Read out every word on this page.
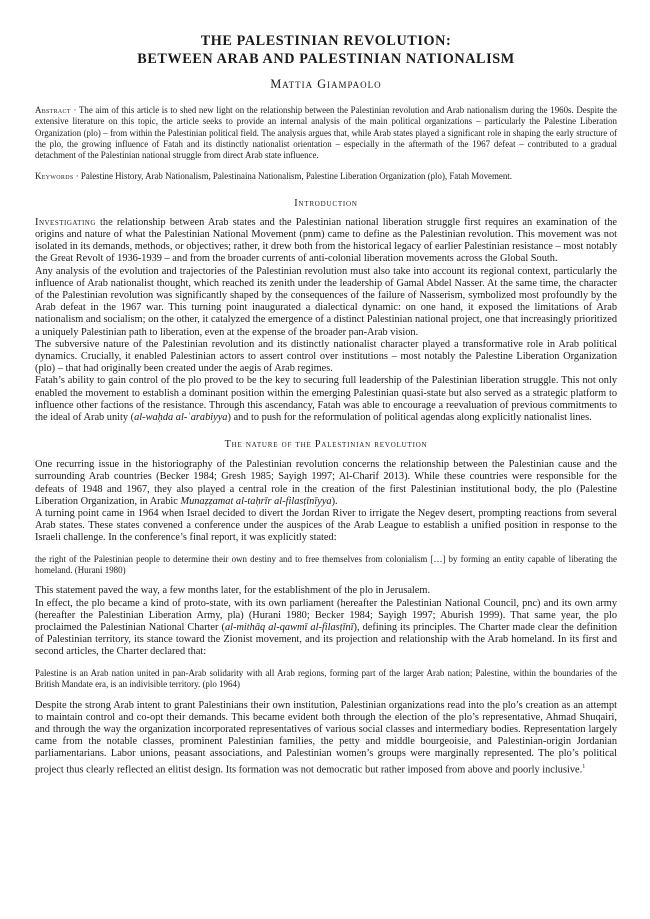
THE PALESTINIAN REVOLUTION:
BETWEEN ARAB AND PALESTINIAN NATIONALISM
Mattia Giampaolo

Abstract · The aim of this article is to shed new light on the relationship between the Palestinian revolution and Arab nationalism during the 1960s. Despite the extensive literature on this topic, the article seeks to provide an internal analysis of the main political organizations – particularly the Palestine Liberation Organization (plo) – from within the Palestinian political field. The analysis argues that, while Arab states played a significant role in shaping the early structure of the plo, the growing influence of Fatah and its distinctly nationalist orientation – especially in the aftermath of the 1967 defeat – contributed to a gradual detachment of the Palestinian national struggle from direct Arab state influence.

Keywords · Palestine History, Arab Nationalism, Palestinaina Nationalism, Palestine Liberation Organization (plo), Fatah Movement.

Introduction

Investigating the relationship between Arab states and the Palestinian national liberation struggle first requires an examination of the origins and nature of what the Palestinian National Movement (pnm) came to define as the Palestinian revolution. This movement was not isolated in its demands, methods, or objectives; rather, it drew both from the historical legacy of earlier Palestinian resistance – most notably the Great Revolt of 1936-1939 – and from the broader currents of anti-colonial liberation movements across the Global South.

Any analysis of the evolution and trajectories of the Palestinian revolution must also take into account its regional context, particularly the influence of Arab nationalist thought, which reached its zenith under the leadership of Gamal Abdel Nasser. At the same time, the character of the Palestinian revolution was significantly shaped by the consequences of the failure of Nasserism, symbolized most profoundly by the Arab defeat in the 1967 war. This turning point inaugurated a dialectical dynamic: on one hand, it exposed the limitations of Arab nationalism and socialism; on the other, it catalyzed the emergence of a distinct Palestinian national project, one that increasingly prioritized a uniquely Palestinian path to liberation, even at the expense of the broader pan-Arab vision.

The subversive nature of the Palestinian revolution and its distinctly nationalist character played a transformative role in Arab political dynamics. Crucially, it enabled Palestinian actors to assert control over institutions – most notably the Palestine Liberation Organization (plo) – that had originally been created under the aegis of Arab regimes.

Fatah’s ability to gain control of the plo proved to be the key to securing full leadership of the Palestinian liberation struggle. This not only enabled the movement to establish a dominant position within the emerging Palestinian quasi-state but also served as a strategic platform to influence other factions of the resistance. Through this ascendancy, Fatah was able to encourage a reevaluation of previous commitments to the ideal of Arab unity (al-waḥda al-ʿarabiyya) and to push for the reformulation of political agendas along explicitly nationalist lines.

The nature of the Palestinian revolution

One recurring issue in the historiography of the Palestinian revolution concerns the relationship between the Palestinian cause and the surrounding Arab countries (Becker 1984; Gresh 1985; Sayigh 1997; Al-Charif 2013). While these countries were responsible for the defeats of 1948 and 1967, they also played a central role in the creation of the first Palestinian institutional body, the plo (Palestine Liberation Organization, in Arabic Munaẓẓamat al-taḥrīr al-filasṭīnīyya).

A turning point came in 1964 when Israel decided to divert the Jordan River to irrigate the Negev desert, prompting reactions from several Arab states. These states convened a conference under the auspices of the Arab League to establish a unified position in response to the Israeli challenge. In the conference’s final report, it was explicitly stated:

the right of the Palestinian people to determine their own destiny and to free themselves from colonialism […] by forming an entity capable of liberating the homeland. (Hurani 1980)

This statement paved the way, a few months later, for the establishment of the plo in Jerusalem.

In effect, the plo became a kind of proto-state, with its own parliament (hereafter the Palestinian National Council, pnc) and its own army (hereafter the Palestinian Liberation Army, pla) (Hurani 1980; Becker 1984; Sayigh 1997; Aburish 1999). That same year, the plo proclaimed the Palestinian National Charter (al-mithāq al-qawmī al-filasṭīnī), defining its principles. The Charter made clear the definition of Palestinian territory, its stance toward the Zionist movement, and its projection and relationship with the Arab homeland. In its first and second articles, the Charter declared that:

Palestine is an Arab nation united in pan-Arab solidarity with all Arab regions, forming part of the larger Arab nation; Palestine, within the boundaries of the British Mandate era, is an indivisible territory. (plo 1964)

Despite the strong Arab intent to grant Palestinians their own institution, Palestinian organizations read into the plo’s creation as an attempt to maintain control and co-opt their demands. This became evident both through the election of the plo’s representative, Ahmad Shuqairi, and through the way the organization incorporated representatives of various social classes and intermediary bodies. Representation largely came from the notable classes, prominent Palestinian families, the petty and middle bourgeoisie, and Palestinian-origin Jordanian parliamentarians. Labor unions, peasant associations, and Palestinian women’s groups were marginally represented. The plo’s political project thus clearly reflected an elitist design. Its formation was not democratic but rather imposed from above and poorly inclusive.$^1$
